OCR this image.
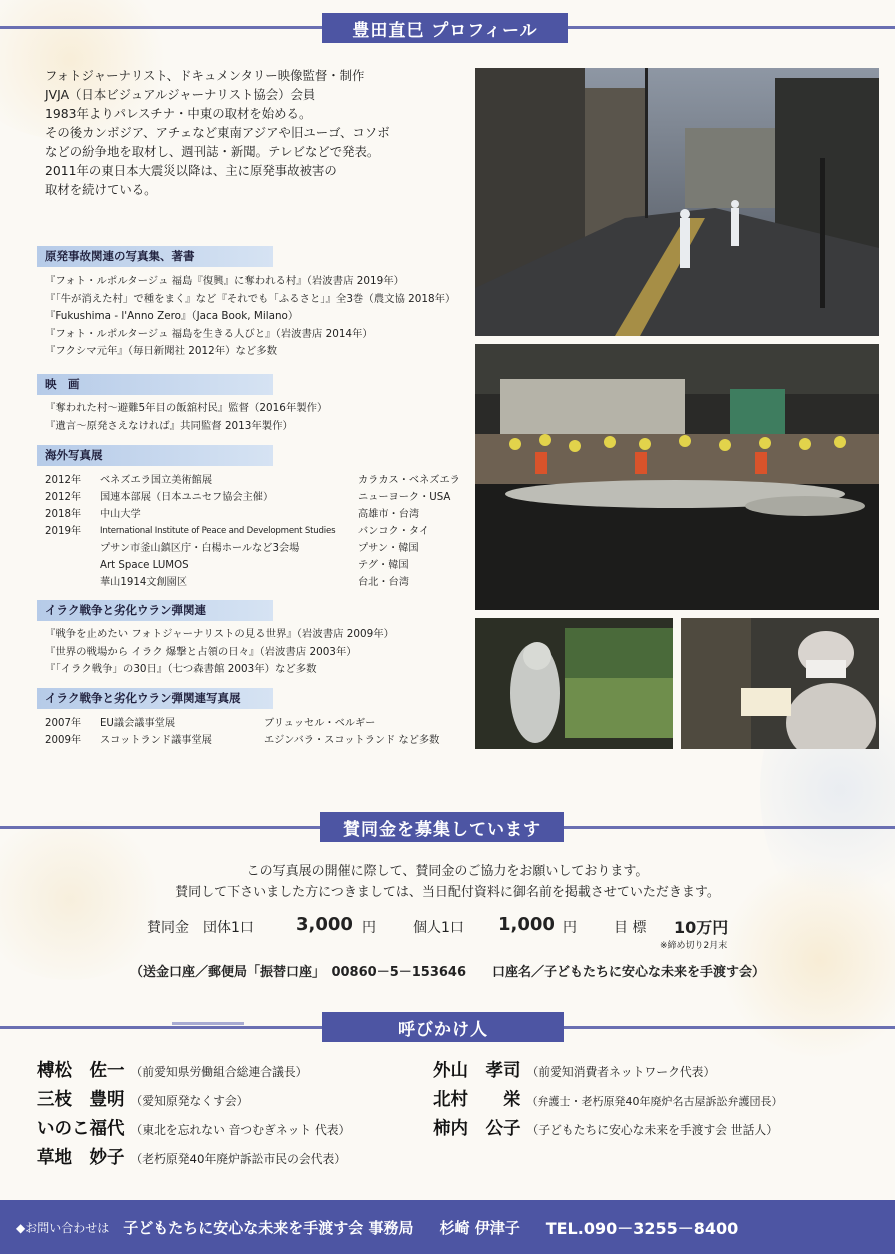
豊田直巳 プロフィール
フォトジャーナリスト、ドキュメンタリー映像監督・制作
JVJA（日本ビジュアルジャーナリスト協会）会員
1983年よりパレスチナ・中東の取材を始める。
その後カンボジア、アチェなど東南アジアや旧ユーゴ、コソボ
などの紛争地を取材し、週刊誌・新聞。テレビなどで発表。
2011年の東日本大震災以降は、主に原発事故被害の
取材を続けている。
原発事故関連の写真集、著書
『フォト・ルポルタージュ 福島『復興』に奪われる村』（岩波書店 2019年）
『「牛が消えた村」で種をまく』など『それでも「ふるさと」』全3巻（農文協 2018年）
『Fukushima - l'Anno Zero』（Jaca Book, Milano）
『フォト・ルポルタージュ 福島を生きる人びと』（岩波書店 2014年）
『フクシマ元年』（毎日新聞社 2012年）など多数
映　画
『奪われた村～避難5年目の飯舘村民』監督（2016年製作）
『遺言～原発さえなければ』共同監督 2013年製作）
海外写真展
2012年 ベネズエラ国立美術館展	カラカス・ベネズエラ
2012年 国連本部展（日本ユニセフ協会主催）	ニューヨーク・USA
2018年 中山大学	高雄市・台湾
2019年 International Institute of Peace and Development Studies バンコク・タイ
プサン市釜山鎮区庁・白楊ホールなど3会場	プサン・韓国
Art Space LUMOS	テグ・韓国
華山1914文創園区	台北・台湾
イラク戦争と劣化ウラン弾関連
『戦争を止めたい フォトジャーナリストの見る世界』（岩波書店 2009年）
『世界の戦場から イラク 爆撃と占領の日々』（岩波書店 2003年）
『「イラク戦争」の30日』（七つ森書館 2003年）など多数
イラク戦争と劣化ウラン弾関連写真展
2007年 EU議会議事堂展	ブリュッセル・ベルギー
2009年 スコットランド議事堂展	エジンバラ・スコットランド など多数
賛同金を募集しています
この写真展の開催に際して、賛同金のご協力をお願いしております。
賛同して下さいました方につきましては、当日配付資料に御名前を掲載させていただきます。
賛同金　団体1口 3,000 円	個人1口 1,000 円	目 標 10万円
※締め切り2月末
（送金口座／郵便局「振替口座」　00860－5－153646　　口座名／子どもたちに安心な未来を手渡す会）
呼びかけ人
榑松　佐一 （前愛知県労働組合総連合議長）
三枝　豊明 （愛知原発なくす会）
いのこ福代 （東北を忘れない 音つむぎネット 代表）
草地　妙子 （老朽原発40年廃炉訴訟市民の会代表）
外山　孝司 （前愛知消費者ネットワーク代表）
北村　　栄 （弁護士・老朽原発40年廃炉名古屋訴訟弁護団長）
柿内　公子 （子どもたちに安心な未来を手渡す会 世話人）
◆お問い合わせは 子どもたちに安心な未来を手渡す会 事務局 杉崎 伊津子 TEL.090－3255－8400
